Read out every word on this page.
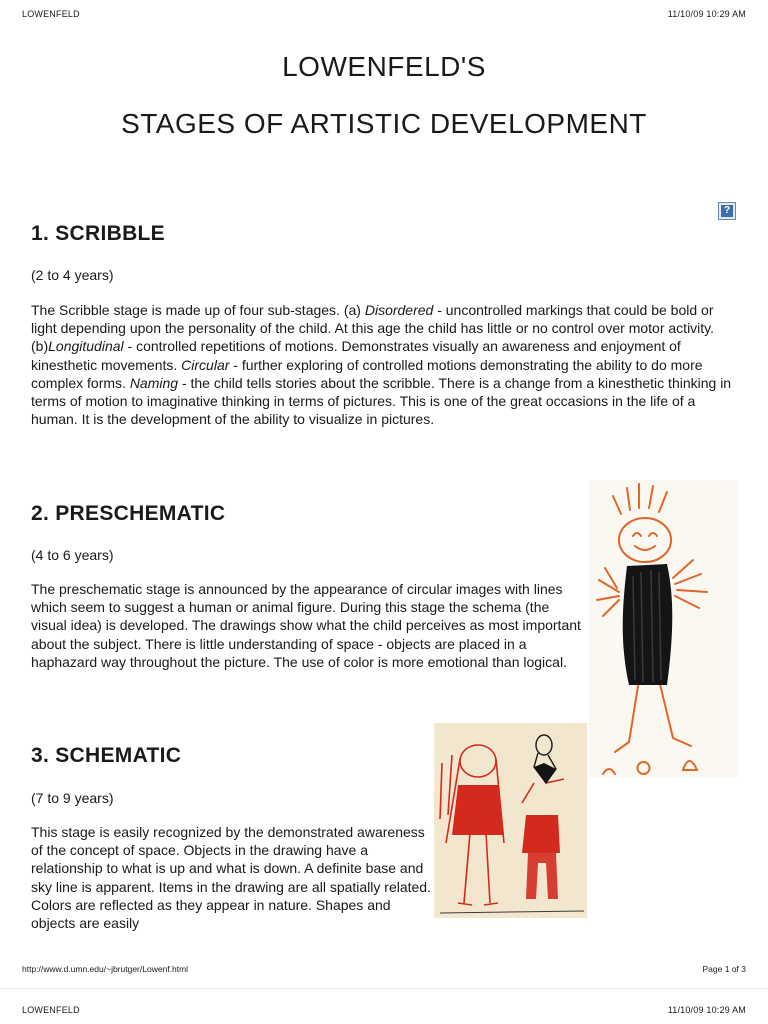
LOWENFELD	11/10/09 10:29 AM
LOWENFELD'S
STAGES OF ARTISTIC DEVELOPMENT
?
1. SCRIBBLE
(2 to 4 years)

The Scribble stage is made up of four sub-stages. (a) Disordered - uncontrolled markings that could be bold or light depending upon the personality of the child. At this age the child has little or no control over motor activity. (b)Longitudinal - controlled repetitions of motions. Demonstrates visually an awareness and enjoyment of kinesthetic movements. Circular - further exploring of controlled motions demonstrating the ability to do more complex forms. Naming - the child tells stories about the scribble. There is a change from a kinesthetic thinking in terms of motion to imaginative thinking in terms of pictures. This is one of the great occasions in the life of a human. It is the development of the ability to visualize in pictures.

2. PRESCHEMATIC
(4 to 6 years)

The preschematic stage is announced by the appearance of circular images with lines which seem to suggest a human or animal figure. During this stage the schema (the visual idea) is developed. The drawings show what the child perceives as most important about the subject. There is little understanding of space - objects are placed in a haphazard way throughout the picture. The use of color is more emotional than logical.

3. SCHEMATIC
(7 to 9 years)

This stage is easily recognized by the demonstrated awareness of the concept of space. Objects in the drawing have a relationship to what is up and what is down. A definite base and sky line is apparent. Items in the drawing are all spatially related. Colors are reflected as they appear in nature. Shapes and objects are easily

http://www.d.umn.edu/~jbrutger/Lowenf.html	Page 1 of 3
LOWENFELD	11/10/09 10:29 AM
